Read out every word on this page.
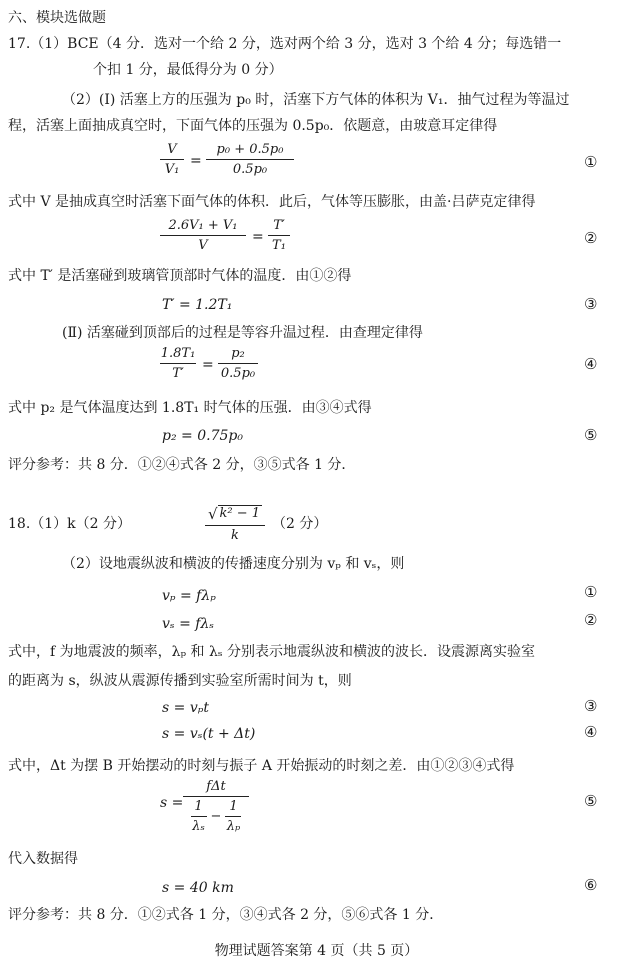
六、模块选做题
17.（1）BCE（4 分．选对一个给 2 分，选对两个给 3 分，选对 3 个给 4 分；每选错一
个扣 1 分，最低得分为 0 分）
（2）(Ⅰ) 活塞上方的压强为 p₀ 时，活塞下方气体的体积为 V₁．抽气过程为等温过
程，活塞上面抽成真空时，下面气体的压强为 0.5p₀．依题意，由玻意耳定律得
V
V₁
=
p₀ + 0.5p₀
0.5p₀	①
式中 V 是抽成真空时活塞下面气体的体积．此后，气体等压膨胀，由盖·吕萨克定律得
2.6V₁ + V₁
V
=
T′
T₁	②
式中 T′ 是活塞碰到玻璃管顶部时气体的温度．由①②得
T′ = 1.2T₁	③
(Ⅱ) 活塞碰到顶部后的过程是等容升温过程．由查理定律得
1.8T₁
T′
=
p₂
0.5p₀
④
式中 p₂ 是气体温度达到 1.8T₁ 时气体的压强．由③④式得
p₂ = 0.75p₀	⑤
评分参考：共 8 分．①②④式各 2 分，③⑤式各 1 分．
18.（1）k（2 分）
√ k² − 1
k
（2 分）
（2）设地震纵波和横波的传播速度分别为 vₚ 和 vₛ，则
vₚ = fλₚ	①
vₛ = fλₛ	②
式中，f 为地震波的频率，λₚ 和 λₛ 分别表示地震纵波和横波的波长．设震源离实验室
的距离为 s，纵波从震源传播到实验室所需时间为 t，则
s = vₚt	③
s = vₛ(t + Δt)	④
式中，Δt 为摆 B 开始摆动的时刻与振子 A 开始振动的时刻之差．由①②③④式得
s =
fΔt
$\frac{1}{\text{λₛ}} - \frac{1}{\text{λₚ}}$	⑤
代入数据得
s = 40 km	⑥
评分参考：共 8 分．①②式各 1 分，③④式各 2 分，⑤⑥式各 1 分．
物理试题答案第 4 页（共 5 页）
